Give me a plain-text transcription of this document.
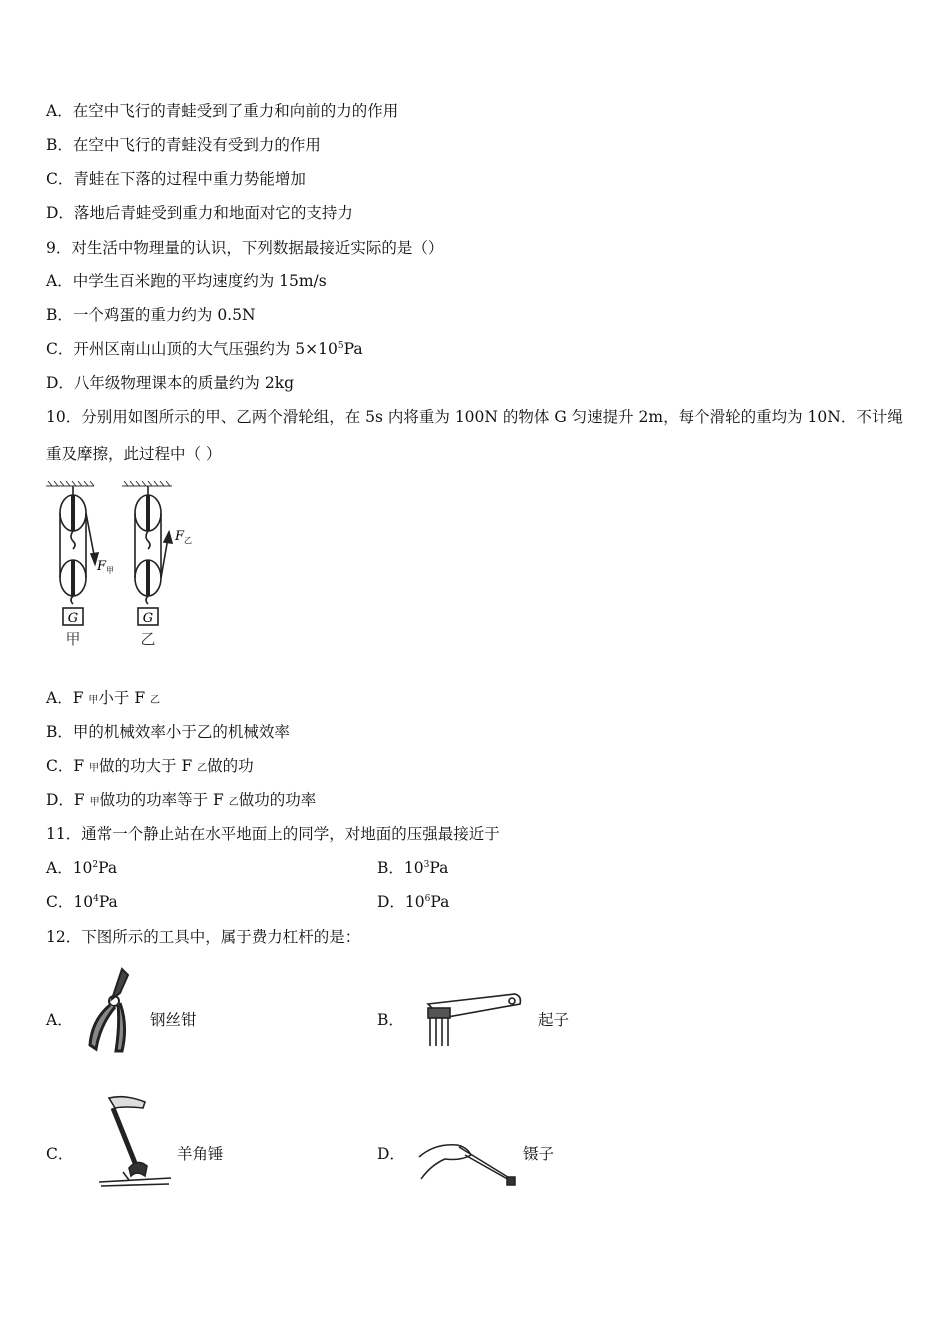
A．在空中飞行的青蛙受到了重力和向前的力的作用
B．在空中飞行的青蛙没有受到力的作用
C．青蛙在下落的过程中重力势能增加
D．落地后青蛙受到重力和地面对它的支持力
9．对生活中物理量的认识，下列数据最接近实际的是（）
A．中学生百米跑的平均速度约为 15m/s
B．一个鸡蛋的重力约为 0.5N
C．开州区南山山顶的大气压强约为 $5\times 10^5Pa$
D．八年级物理课本的质量约为 2kg
10．分别用如图所示的甲、乙两个滑轮组，在 5s 内将重为 100N 的物体 G 匀速提升 2m，每个滑轮的重均为 10N．不计绳重及摩擦，此过程中（ ）
G	G
甲	乙
F 甲
F 乙
A．F 甲小于 F 乙
B．甲的机械效率小于乙的机械效率
C．F 甲做的功大于 F 乙做的功
D．F 甲做功的功率等于 F 乙做功的功率
11．通常一个静止站在水平地面上的同学，对地面的压强最接近于
A．$10^2Pa$	B．$10^3Pa$
C．$10^4Pa$	D．$10^6Pa$
12．下图所示的工具中，属于费力杠杆的是：
A．	钢丝钳	B．	起子
C．	羊角锤	D．	镊子
